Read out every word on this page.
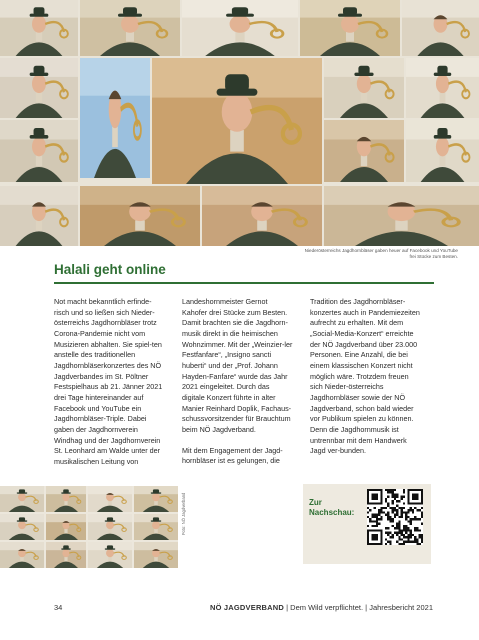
Niederösterreichs Jagdhornbläser gaben heuer auf Facebook und YouTube frei Stücke zum Besten.
Halali geht online

Not macht bekanntlich erfinde-risch und so ließen sich Nieder-österreichs Jagdhornbläser trotz Corona-Pandemie nicht vom Musizieren abhalten. Sie spiel-ten anstelle des traditionellen Jagdhornbläserkonzertes des NÖ Jagdverbandes im St. Pöltner Festspielhaus ab 21. Jänner 2021 drei Tage hintereinander auf Facebook und YouTube ein Jagdhornbläser-Triple. Dabei gaben der Jagdhornverein Windhag und der Jagdhornverein St. Leonhard am Walde unter der musikalischen Leitung von

Landeshornmeister Gernot Kahofer drei Stücke zum Besten. Damit brachten sie die Jagdhorn-musik direkt in die heimischen Wohnzimmer. Mit der „Weinzier-ler Festfanfare“, „Insigno sancti huberti“ und der „Prof. Johann Hayden-Fanfare“ wurde das Jahr 2021 eingeleitet. Durch das digitale Konzert führte in alter Manier Reinhard Doplik, Fachaus-schussvorsitzender für Brauchtum beim NÖ Jagdverband.

Mit dem Engagement der Jagd-hornbläser ist es gelungen, die

Tradition des Jagdhornbläser-konzertes auch in Pandemiezeiten aufrecht zu erhalten. Mit dem „Social-Media-Konzert“ erreichte der NÖ Jagdverband über 23.000 Personen. Eine Anzahl, die bei einem klassischen Konzert nicht möglich wäre. Trotzdem freuen sich Nieder-österreichs Jagdhornbläser sowie der NÖ Jagdverband, schon bald wieder vor Publikum spielen zu können. Denn die Jagdhornmusik ist untrennbar mit dem Handwerk Jagd ver-bunden.

Foto: NÖ Jagdverband	Zur
Nachschau:
34	NÖ JAGDVERBAND | Dem Wild verpflichtet. | Jahresbericht 2021
